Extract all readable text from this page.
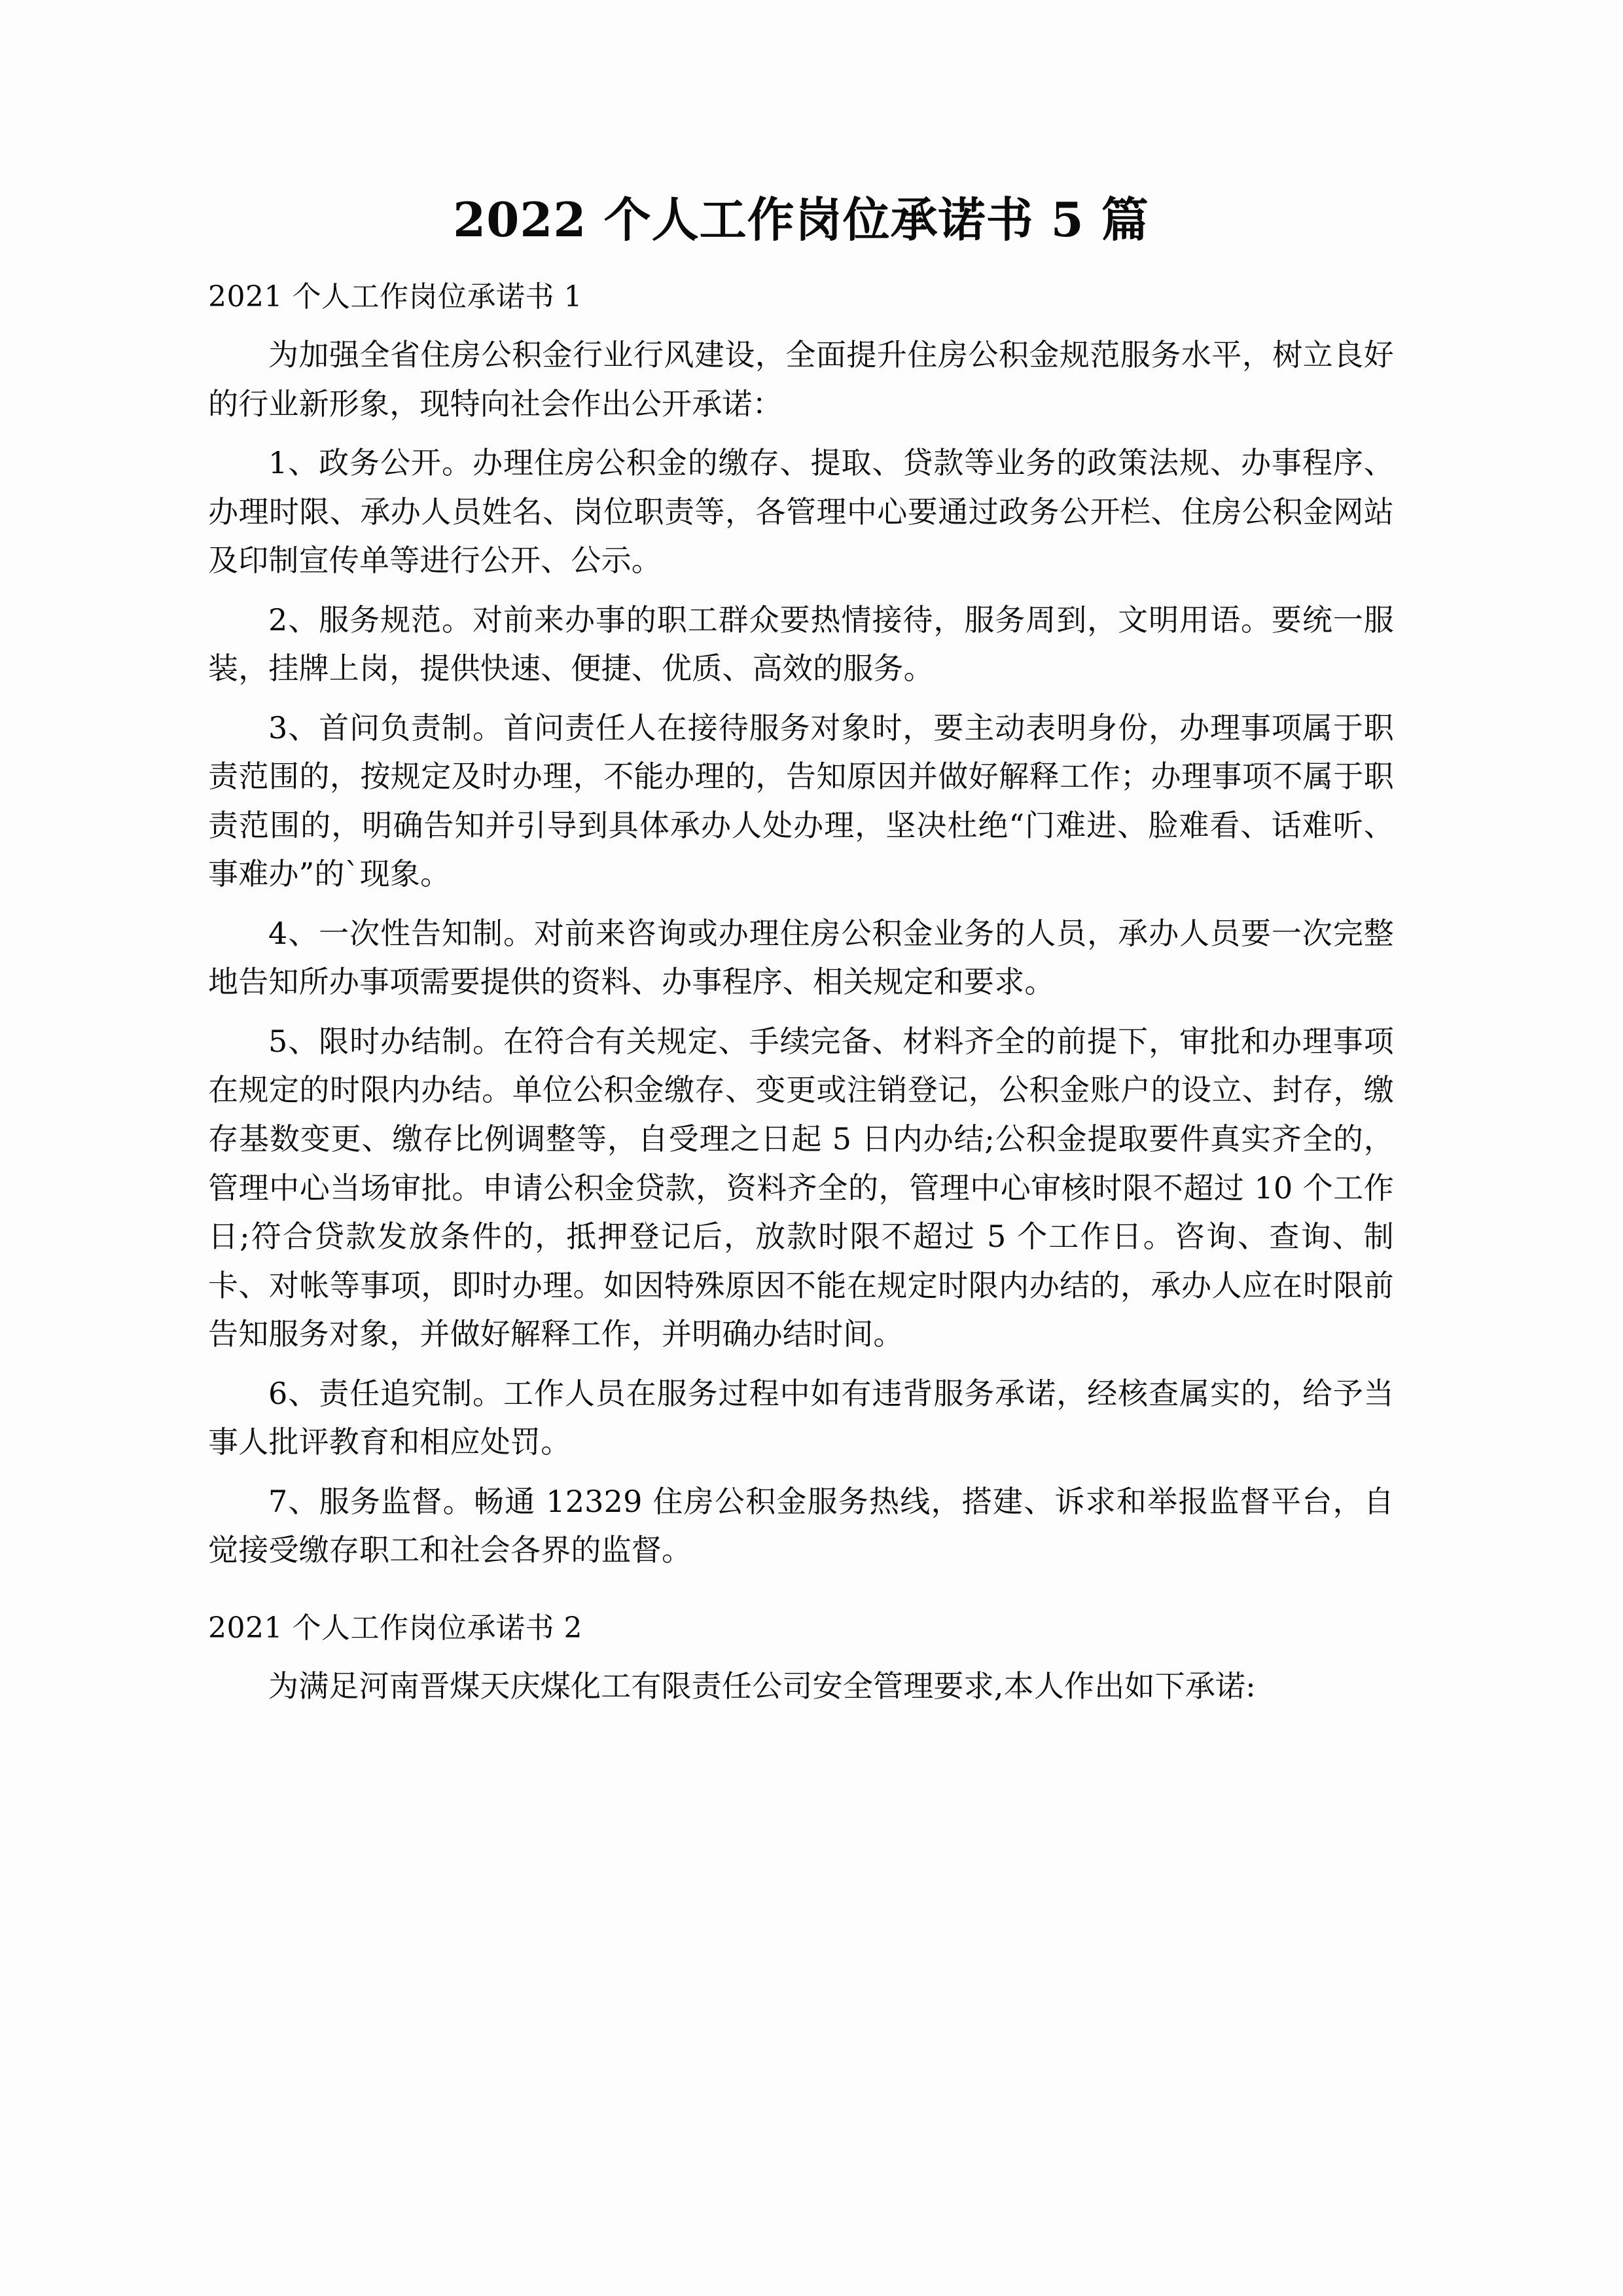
2022 个人工作岗位承诺书 5 篇

2021 个人工作岗位承诺书 1

为加强全省住房公积金行业行风建设，全面提升住房公积金规范服务水平，树立良好的行业新形象，现特向社会作出公开承诺：

1、政务公开。办理住房公积金的缴存、提取、贷款等业务的政策法规、办事程序、办理时限、承办人员姓名、岗位职责等，各管理中心要通过政务公开栏、住房公积金网站及印制宣传单等进行公开、公示。

2、服务规范。对前来办事的职工群众要热情接待，服务周到，文明用语。要统一服装，挂牌上岗，提供快速、便捷、优质、高效的服务。

3、首问负责制。首问责任人在接待服务对象时，要主动表明身份，办理事项属于职责范围的，按规定及时办理，不能办理的，告知原因并做好解释工作；办理事项不属于职责范围的，明确告知并引导到具体承办人处办理，坚决杜绝“门难进、脸难看、话难听、事难办”的`现象。

4、一次性告知制。对前来咨询或办理住房公积金业务的人员，承办人员要一次完整地告知所办事项需要提供的资料、办事程序、相关规定和要求。

5、限时办结制。在符合有关规定、手续完备、材料齐全的前提下，审批和办理事项在规定的时限内办结。单位公积金缴存、变更或注销登记，公积金账户的设立、封存，缴存基数变更、缴存比例调整等，自受理之日起 5 日内办结;公积金提取要件真实齐全的，管理中心当场审批。申请公积金贷款，资料齐全的，管理中心审核时限不超过 10 个工作日;符合贷款发放条件的，抵押登记后，放款时限不超过 5 个工作日。咨询、查询、制卡、对帐等事项，即时办理。如因特殊原因不能在规定时限内办结的，承办人应在时限前告知服务对象，并做好解释工作，并明确办结时间。

6、责任追究制。工作人员在服务过程中如有违背服务承诺，经核查属实的，给予当事人批评教育和相应处罚。

7、服务监督。畅通 12329 住房公积金服务热线，搭建、诉求和举报监督平台，自觉接受缴存职工和社会各界的监督。

2021 个人工作岗位承诺书 2

为满足河南晋煤天庆煤化工有限责任公司安全管理要求,本人作出如下承诺:
